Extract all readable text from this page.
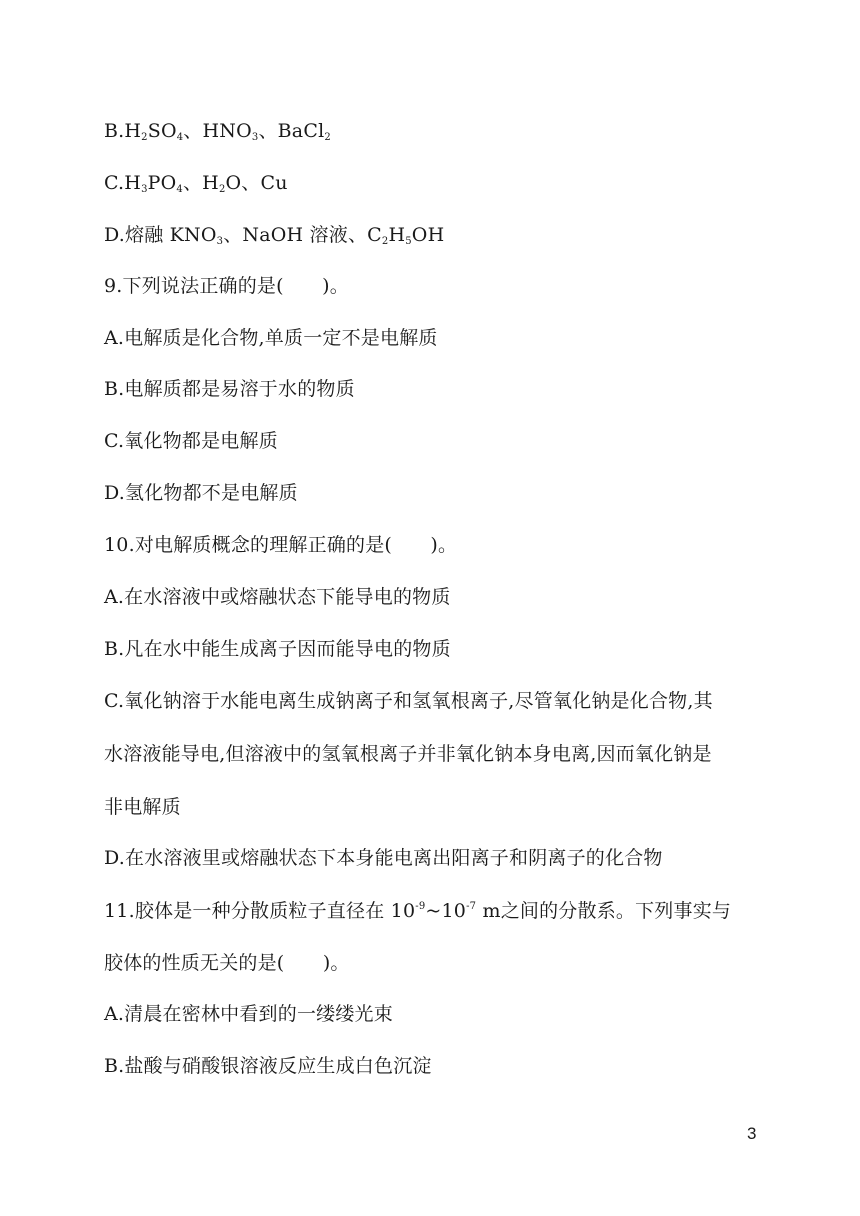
$B.H_2SO_4$、$HNO_3$、BaCl$_2$
$C.H_3PO_4$、$H_2O$、Cu
D.熔融 $KNO_3$、NaOH 溶液、$C_2H_5OH$
9.下列说法正确的是(　　)。
A.电解质是化合物,单质一定不是电解质
B.电解质都是易溶于水的物质
C.氧化物都是电解质
D.氢化物都不是电解质
10.对电解质概念的理解正确的是(　　)。
A.在水溶液中或熔融状态下能导电的物质
B.凡在水中能生成离子因而能导电的物质
C.氧化钠溶于水能电离生成钠离子和氢氧根离子,尽管氧化钠是化合物,其
水溶液能导电,但溶液中的氢氧根离子并非氧化钠本身电离,因而氧化钠是
非电解质
D.在水溶液里或熔融状态下本身能电离出阳离子和阴离子的化合物
11.胶体是一种分散质粒子直径在 $10^{-9}\sim 10^{-7}$ m之间的分散系。下列事实与
胶体的性质无关的是(　　)。
A.清晨在密林中看到的一缕缕光束
B.盐酸与硝酸银溶液反应生成白色沉淀
3
